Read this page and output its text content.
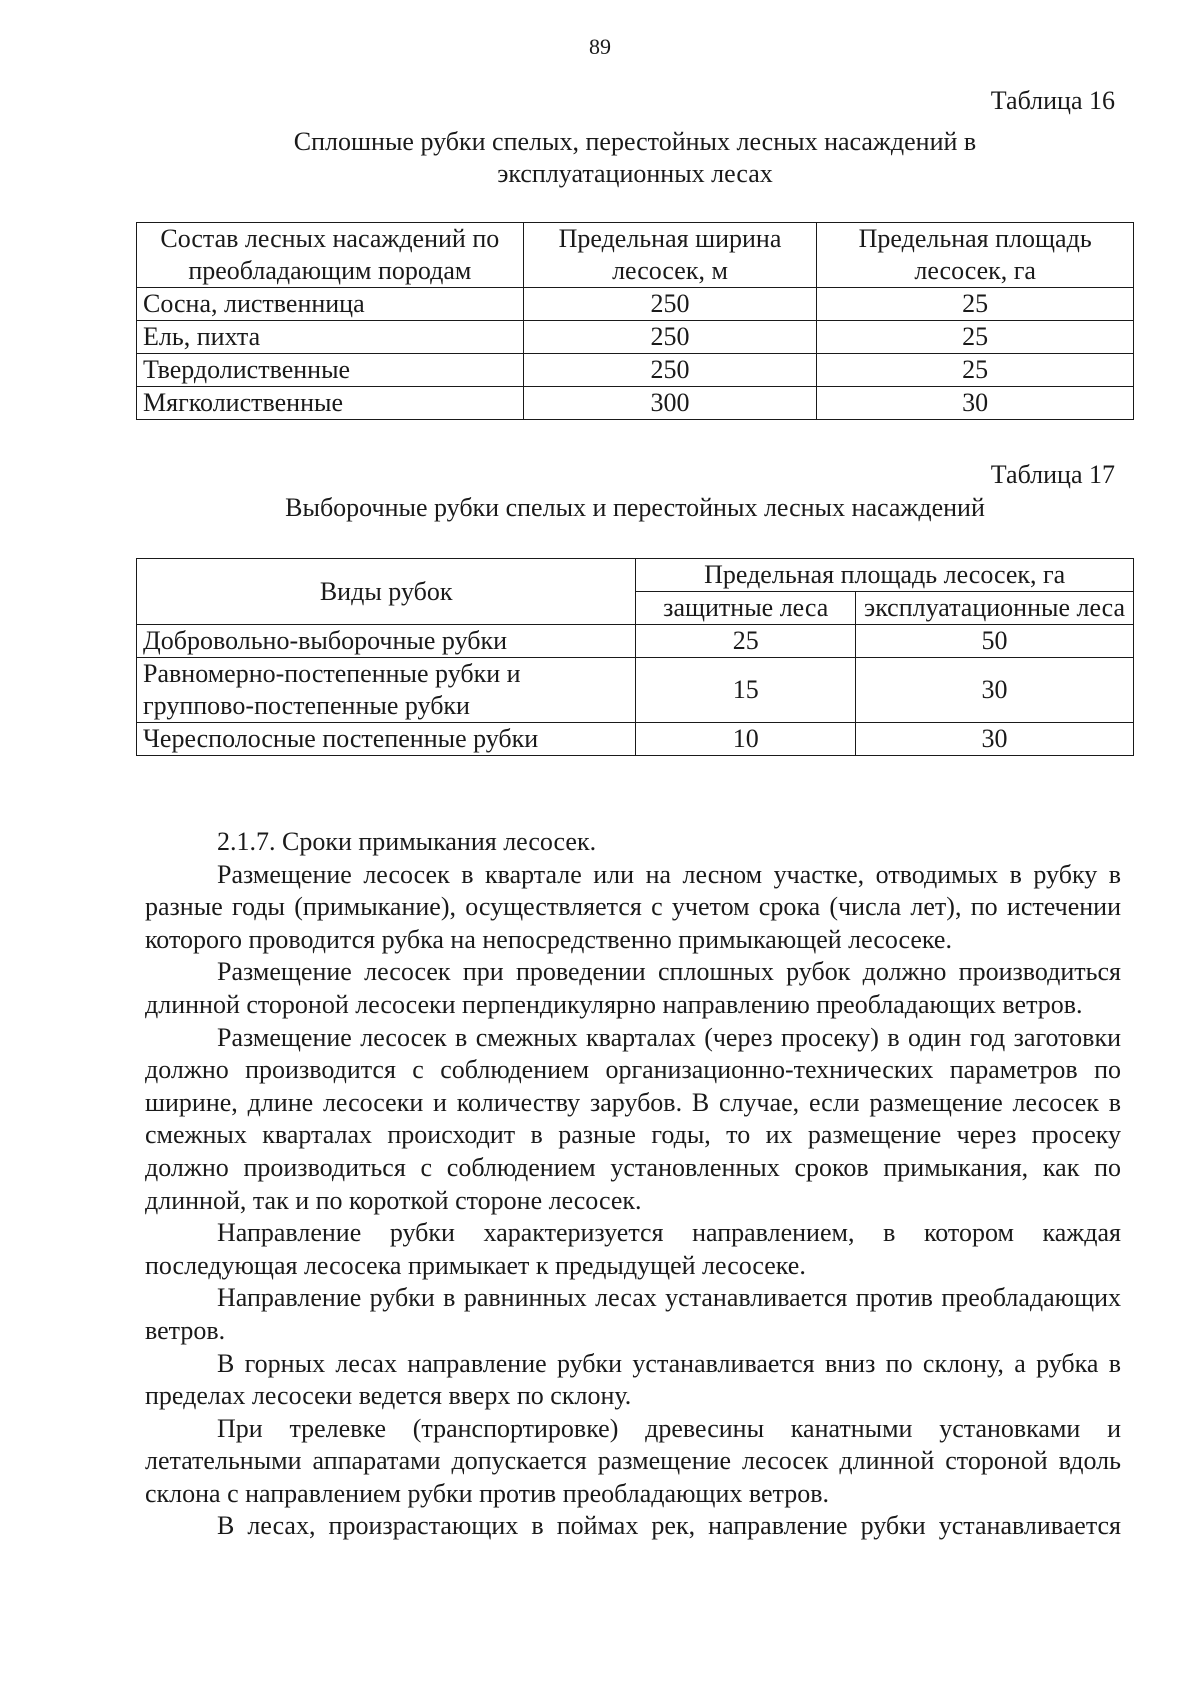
89
Таблица 16
Сплошные рубки спелых, перестойных лесных насаждений в
эксплуатационных лесах
Состав лесных насаждений по преобладающим породам	Предельная ширина лесосек, м	Предельная площадь лесосек, га
Сосна, лиственница	250	25
Ель, пихта	250	25
Твердолиственные	250	25
Мягколиственные	300	30
Таблица 17
Выборочные рубки спелых и перестойных лесных насаждений
Виды рубок	Предельная площадь лесосек, га	
	защитные леса	эксплуатационные леса
Добровольно-выборочные рубки	25	50
Равномерно-постепенные рубки и групповo-постепенные рубки	15	30
Чересполосные постепенные рубки	10	30

2.1.7. Сроки примыкания лесосек.

Размещение лесосек в квартале или на лесном участке, отводимых в рубку в разные годы (примыкание), осуществляется с учетом срока (числа лет), по истечении которого проводится рубка на непосредственно примыкающей лесосеке.

Размещение лесосек при проведении сплошных рубок должно производиться длинной стороной лесосеки перпендикулярно направлению преобладающих ветров.

Размещение лесосек в смежных кварталах (через просеку) в один год заготовки должно производится с соблюдением организационно-технических параметров по ширине, длине лесосеки и количеству зарубов. В случае, если размещение лесосек в смежных кварталах происходит в разные годы, то их размещение через просеку должно производиться с соблюдением установленных сроков примыкания, как по длинной, так и по короткой стороне лесосек.

Направление рубки характеризуется направлением, в котором каждая последующая лесосека примыкает к предыдущей лесосеке.

Направление рубки в равнинных лесах устанавливается против преобладающих ветров.

В горных лесах направление рубки устанавливается вниз по склону, а рубка в пределах лесосеки ведется вверх по склону.

При трелевке (транспортировке) древесины канатными установками и летательными аппаратами допускается размещение лесосек длинной стороной вдоль склона с направлением рубки против преобладающих ветров.

В лесах, произрастающих в поймах рек, направление рубки устанавливается
